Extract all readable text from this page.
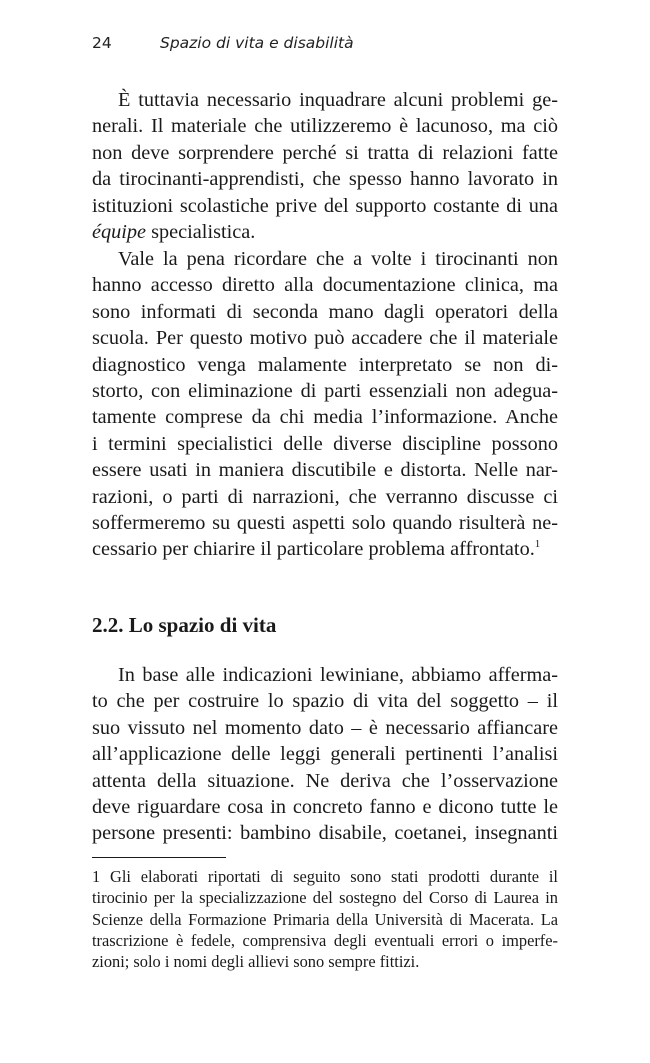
24	Spazio di vita e disabilità
È tuttavia necessario inquadrare alcuni problemi ge-
nerali. Il materiale che utilizzeremo è lacunoso, ma ciò
non deve sorprendere perché si tratta di relazioni fatte
da tirocinanti-apprendisti, che spesso hanno lavorato in
istituzioni scolastiche prive del supporto costante di una
équipe specialistica.
Vale la pena ricordare che a volte i tirocinanti non
hanno accesso diretto alla documentazione clinica, ma
sono informati di seconda mano dagli operatori della
scuola. Per questo motivo può accadere che il materiale
diagnostico venga malamente interpretato se non di-
storto, con eliminazione di parti essenziali non adegua-
tamente comprese da chi media l’informazione. Anche
i termini specialistici delle diverse discipline possono
essere usati in maniera discutibile e distorta. Nelle nar-
razioni, o parti di narrazioni, che verranno discusse ci
soffermeremo su questi aspetti solo quando risulterà ne-
cessario per chiarire il particolare problema affrontato.$^1$
2.2. Lo spazio di vita
In base alle indicazioni lewiniane, abbiamo afferma-
to che per costruire lo spazio di vita del soggetto – il
suo vissuto nel momento dato – è necessario affiancare
all’applicazione delle leggi generali pertinenti l’analisi
attenta della situazione. Ne deriva che l’osservazione
deve riguardare cosa in concreto fanno e dicono tutte le
persone presenti: bambino disabile, coetanei, insegnanti
1 Gli elaborati riportati di seguito sono stati prodotti durante il
tirocinio per la specializzazione del sostegno del Corso di Laurea in
Scienze della Formazione Primaria della Università di Macerata. La
trascrizione è fedele, comprensiva degli eventuali errori o imperfe-
zioni; solo i nomi degli allievi sono sempre fittizi.
